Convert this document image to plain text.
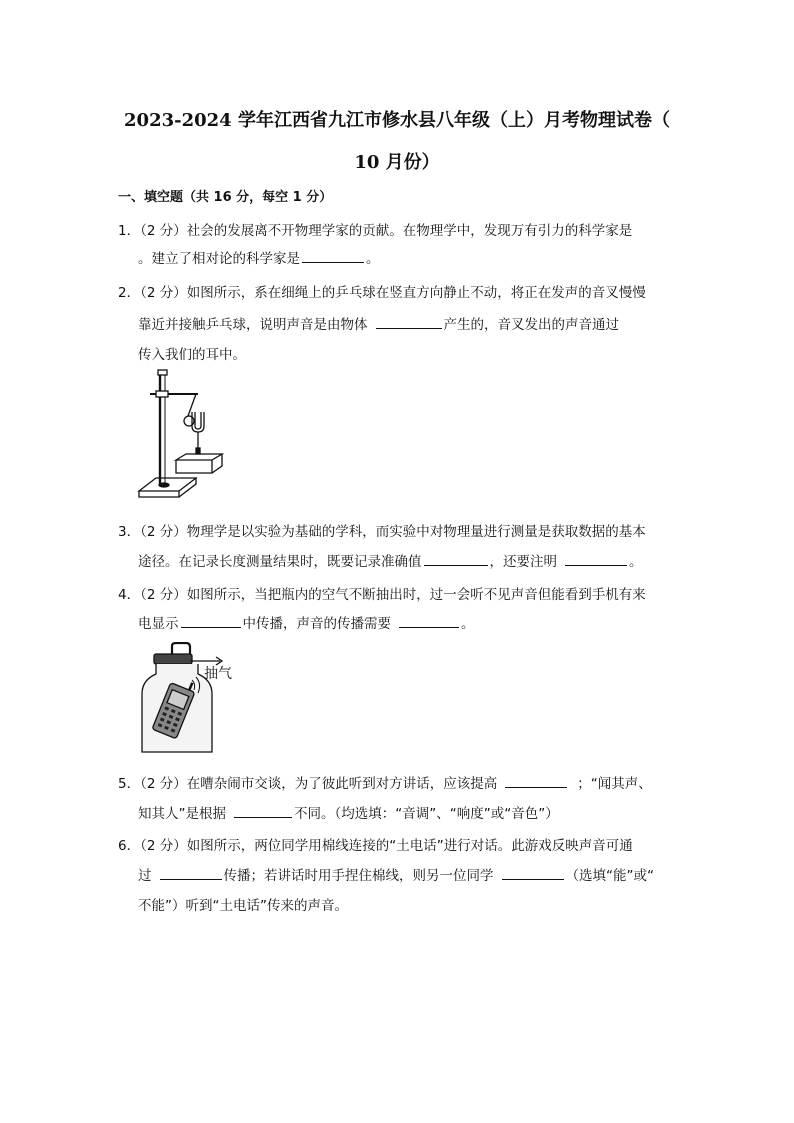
2023-2024 学年江西省九江市修水县八年级（上）月考物理试卷（
10 月份）
一、填空题（共 16 分，每空 1 分）
1．（2 分）社会的发展离不开物理学家的贡献。在物理学中，发现万有引力的科学家是
。建立了相对论的科学家是	。
2．（2 分）如图所示，系在细绳上的乒乓球在竖直方向静止不动，将正在发声的音叉慢慢
靠近并接触乒乓球，说明声音是由物体	产生的，音叉发出的声音通过
传入我们的耳中。
3．（2 分）物理学是以实验为基础的学科，而实验中对物理量进行测量是获取数据的基本
途径。在记录长度测量结果时，既要记录准确值	，还要注明	。
4．（2 分）如图所示，当把瓶内的空气不断抽出时，过一会听不见声音但能看到手机有来
电显示	中传播，声音的传播需要	。
抽气
5．（2 分）在嘈杂闹市交谈，为了彼此听到对方讲话，应该提高	；“闻其声、
知其人”是根据	不同。（均选填：“音调”、“响度”或“音色”）
6．（2 分）如图所示，两位同学用棉线连接的“土电话”进行对话。此游戏反映声音可通
过	传播；若讲话时用手捏住棉线，则另一位同学	（选填“能”或“
不能”）听到“土电话”传来的声音。
